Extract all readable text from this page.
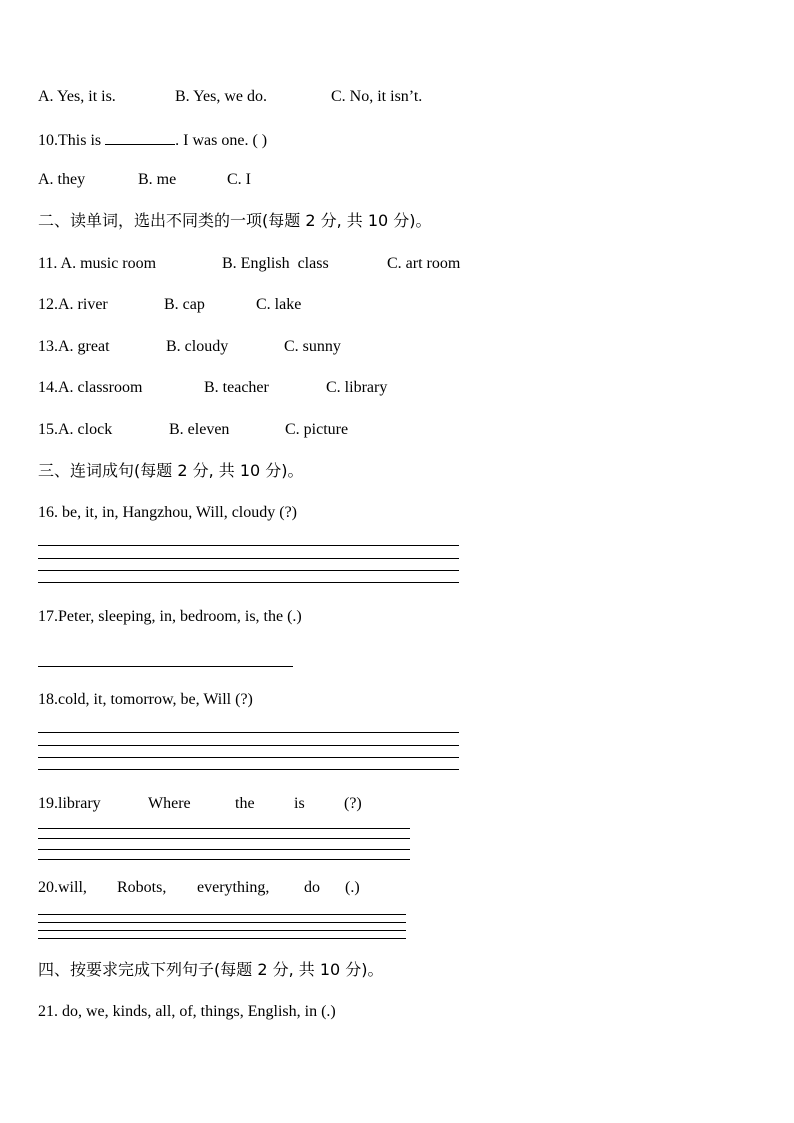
A. Yes, it is.	B. Yes, we do.	C. No, it isn’t.
10.This is	. I was one. ( )
A. they	B. me	C. I
二、读单词，选出不同类的一项(每题 2 分, 共 10 分)。
11. A. music room	B. English  class	C. art room
12.A. river	B. cap	C. lake
13.A. great	B. cloudy	C. sunny
14.A. classroom	B. teacher	C. library
15.A. clock	B. eleven	C. picture
三、连词成句(每题 2 分, 共 10 分)。
16. be, it, in, Hangzhou, Will, cloudy (?)
17.Peter, sleeping, in, bedroom, is, the (.)
18.cold, it, tomorrow, be, Will (?)
19.library	Where	the is (?)
20.will, Robots, everything, do (.)
四、按要求完成下列句子(每题 2 分, 共 10 分)。
21. do, we, kinds, all, of, things, English, in (.)
